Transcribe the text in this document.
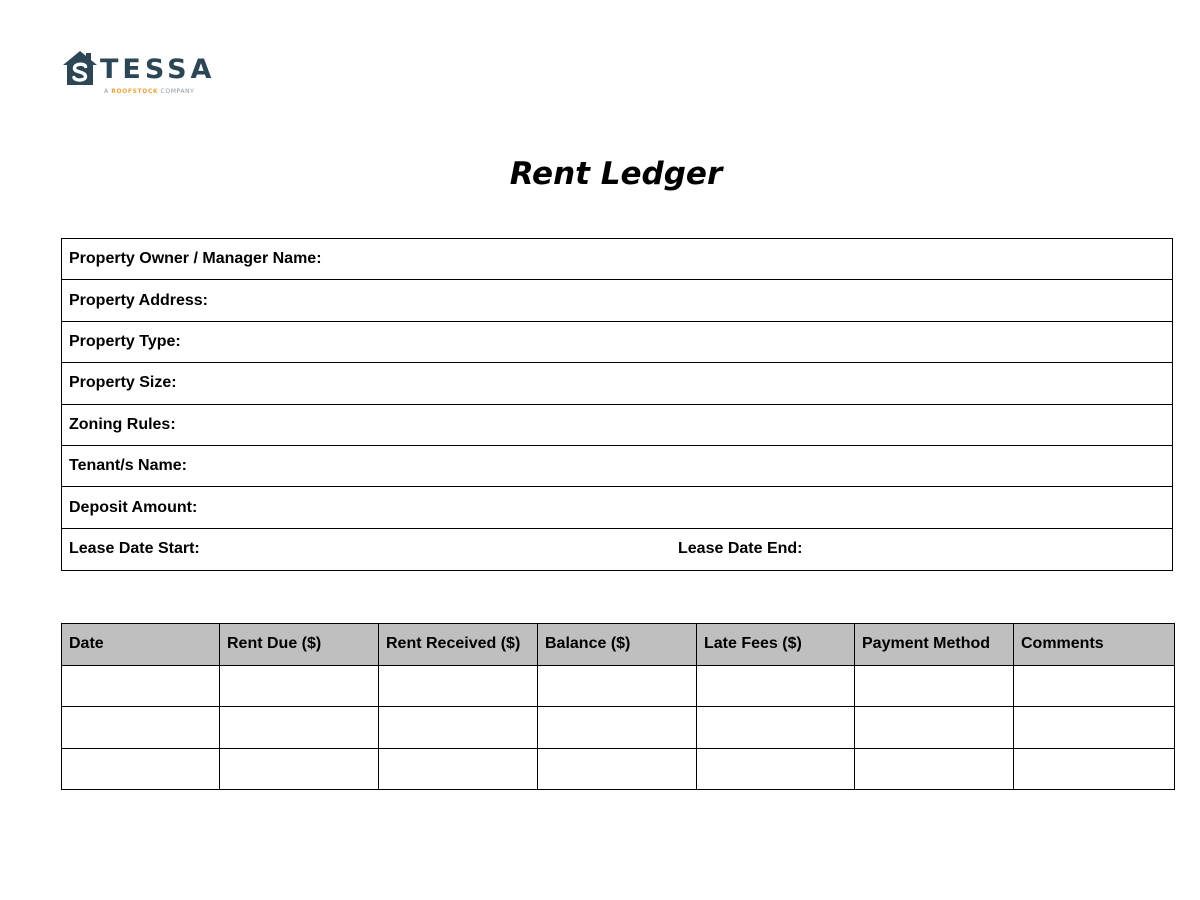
TESSA
A ROOFSTOCK COMPANY
Rent Ledger
Property Owner / Manager Name:
Property Address:
Property Type:
Property Size:
Zoning Rules:
Tenant/s Name:
Deposit Amount:
Lease Date Start:	Lease Date End:
Date	Rent Due ($)	Rent Received ($)	Balance ($)	Late Fees ($)	Payment Method	Comments
